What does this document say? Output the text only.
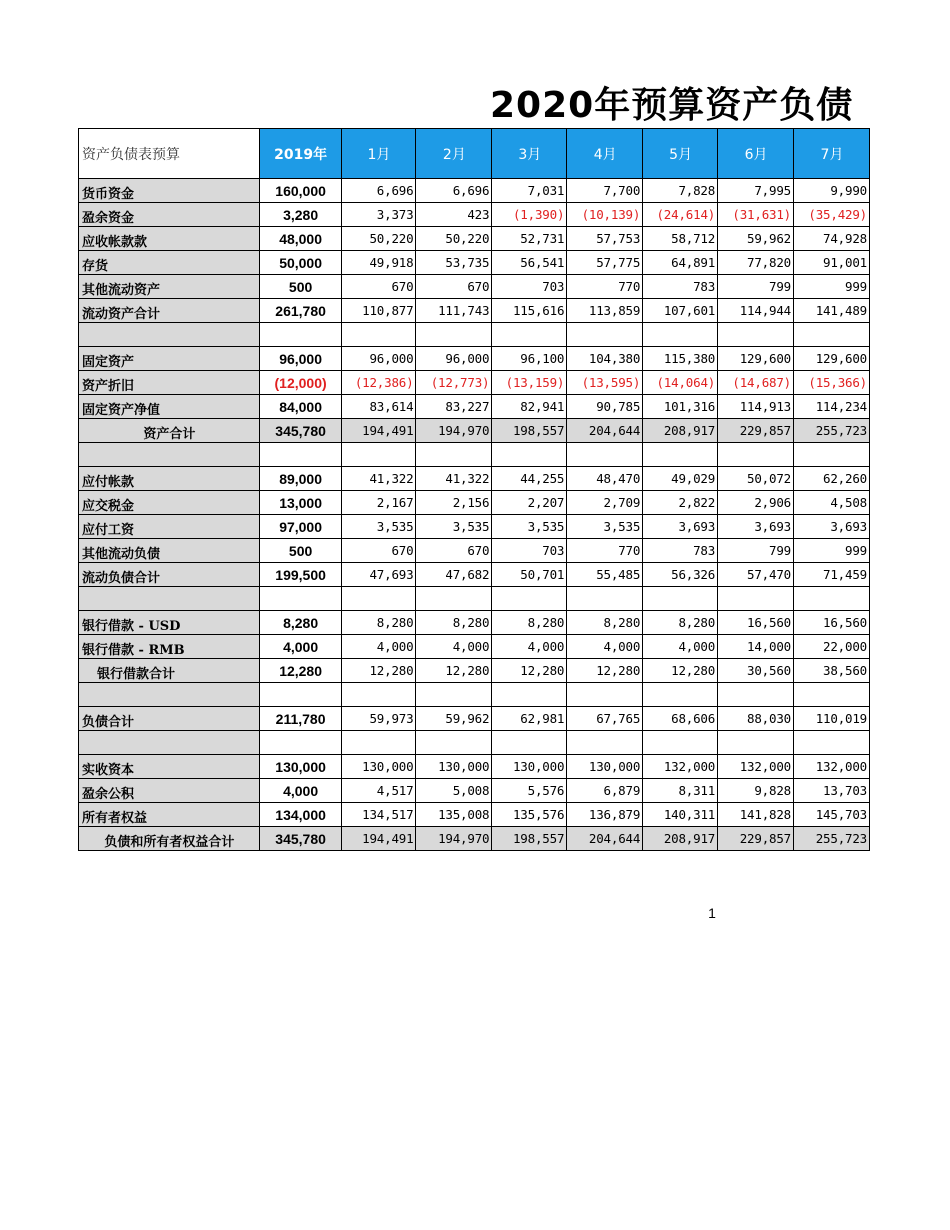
2020年预算资产负债
资产负债表预算	2019年	1月	2月	3月	4月	5月	6月	7月
货币资金	160,000	6,696	6,696	7,031	7,700	7,828	7,995	9,990
盈余资金	3,280	3,373	423	(1,390)	(10,139)	(24,614)	(31,631)	(35,429)
应收帐款款	48,000	50,220	50,220	52,731	57,753	58,712	59,962	74,928
存货	50,000	49,918	53,735	56,541	57,775	64,891	77,820	91,001
其他流动资产	500	670	670	703	770	783	799	999
流动资产合计	261,780	110,877	111,743	115,616	113,859	107,601	114,944	141,489

固定资产	96,000	96,000	96,000	96,100	104,380	115,380	129,600	129,600
资产折旧	(12,000)	(12,386)	(12,773)	(13,159)	(13,595)	(14,064)	(14,687)	(15,366)
固定资产净值	84,000	83,614	83,227	82,941	90,785	101,316	114,913	114,234
资产合计	345,780	194,491	194,970	198,557	204,644	208,917	229,857	255,723

应付帐款	89,000	41,322	41,322	44,255	48,470	49,029	50,072	62,260
应交税金	13,000	2,167	2,156	2,207	2,709	2,822	2,906	4,508
应付工资	97,000	3,535	3,535	3,535	3,535	3,693	3,693	3,693
其他流动负债	500	670	670	703	770	783	799	999
流动负债合计	199,500	47,693	47,682	50,701	55,485	56,326	57,470	71,459

银行借款 - USD	8,280	8,280	8,280	8,280	8,280	8,280	16,560	16,560
银行借款 - RMB	4,000	4,000	4,000	4,000	4,000	4,000	14,000	22,000
银行借款合计	12,280	12,280	12,280	12,280	12,280	12,280	30,560	38,560

负债合计	211,780	59,973	59,962	62,981	67,765	68,606	88,030	110,019

实收资本	130,000	130,000	130,000	130,000	130,000	132,000	132,000	132,000
盈余公积	4,000	4,517	5,008	5,576	6,879	8,311	9,828	13,703
所有者权益	134,000	134,517	135,008	135,576	136,879	140,311	141,828	145,703
负债和所有者权益合计	345,780	194,491	194,970	198,557	204,644	208,917	229,857	255,723
1
